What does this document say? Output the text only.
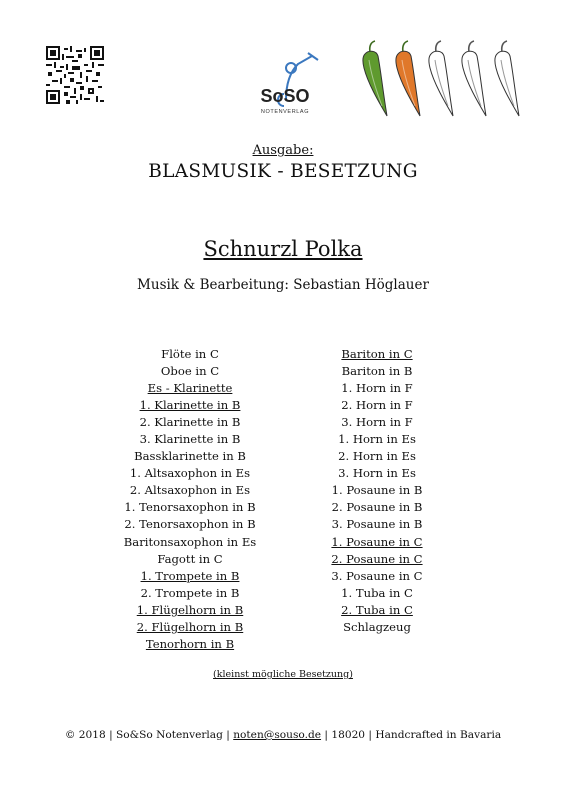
SoSO
NOTENVERLAG
Ausgabe:
BLASMUSIK - BESETZUNG
Schnurzl Polka
Musik & Bearbeitung: Sebastian Höglauer
Flöte in C
Oboe in C
Es - Klarinette
1. Klarinette in B
2. Klarinette in B
3. Klarinette in B
Bassklarinette in B
1. Altsaxophon in Es
2. Altsaxophon in Es
1. Tenorsaxophon in B
2. Tenorsaxophon in B
Baritonsaxophon in Es
Fagott in C
1. Trompete in B
2. Trompete in B
1. Flügelhorn in B
2. Flügelhorn in B
Tenorhorn in B
Bariton in C
Bariton in B
1. Horn in F
2. Horn in F
3. Horn in F
1. Horn in Es
2. Horn in Es
3. Horn in Es
1. Posaune in B
2. Posaune in B
3. Posaune in B
1. Posaune in C
2. Posaune in C
3. Posaune in C
1. Tuba in C
2. Tuba in C
Schlagzeug
(kleinst mögliche Besetzung)
© 2018 | So&So Notenverlag | noten@souso.de | 18020 | Handcrafted in Bavaria
